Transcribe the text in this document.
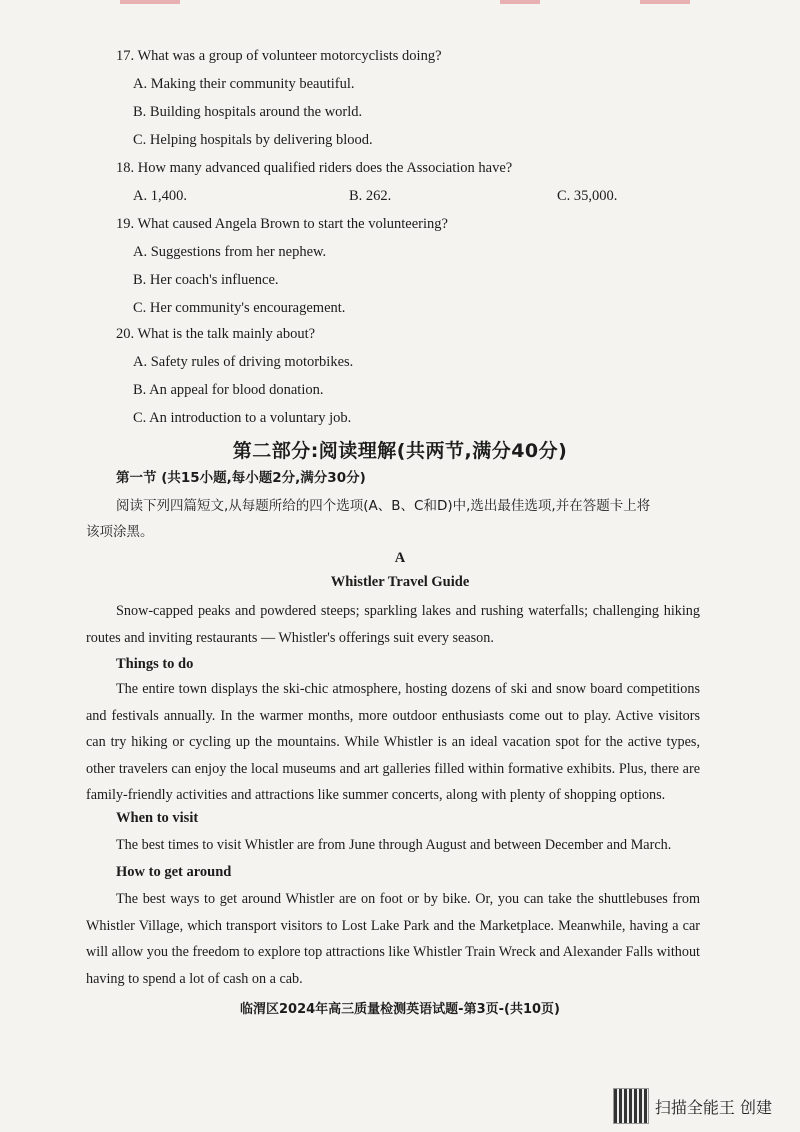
17. What was a group of volunteer motorcyclists doing?
A. Making their community beautiful.
B. Building hospitals around the world.
C. Helping hospitals by delivering blood.
18. How many advanced qualified riders does the Association have?
A. 1,400.	B. 262.	C. 35,000.
19. What caused Angela Brown to start the volunteering?
A. Suggestions from her nephew.
B. Her coach's influence.
C. Her community's encouragement.
20. What is the talk mainly about?
A. Safety rules of driving motorbikes.
B. An appeal for blood donation.
C. An introduction to a voluntary job.
第二部分:阅读理解(共两节,满分40分)
第一节 (共15小题,每小题2分,满分30分)
阅读下列四篇短文,从每题所给的四个选项(A、B、C和D)中,选出最佳选项,并在答题卡上将
该项涂黑。
A
Whistler Travel Guide
Snow-capped peaks and powdered steeps; sparkling lakes and rushing waterfalls; challenging hiking routes and inviting restaurants — Whistler's offerings suit every season.
Things to do
The entire town displays the ski-chic atmosphere, hosting dozens of ski and snow board competitions and festivals annually. In the warmer months, more outdoor enthusiasts come out to play. Active visitors can try hiking or cycling up the mountains. While Whistler is an ideal vacation spot for the active types, other travelers can enjoy the local museums and art galleries filled within formative exhibits. Plus, there are family-friendly activities and attractions like summer concerts, along with plenty of shopping options.
When to visit
The best times to visit Whistler are from June through August and between December and March.
How to get around
The best ways to get around Whistler are on foot or by bike. Or, you can take the shuttlebuses from Whistler Village, which transport visitors to Lost Lake Park and the Marketplace. Meanwhile, having a car will allow you the freedom to explore top attractions like Whistler Train Wreck and Alexander Falls without having to spend a lot of cash on a cab.
临渭区2024年高三质量检测英语试题-第3页-(共10页)
扫描全能王 创建
